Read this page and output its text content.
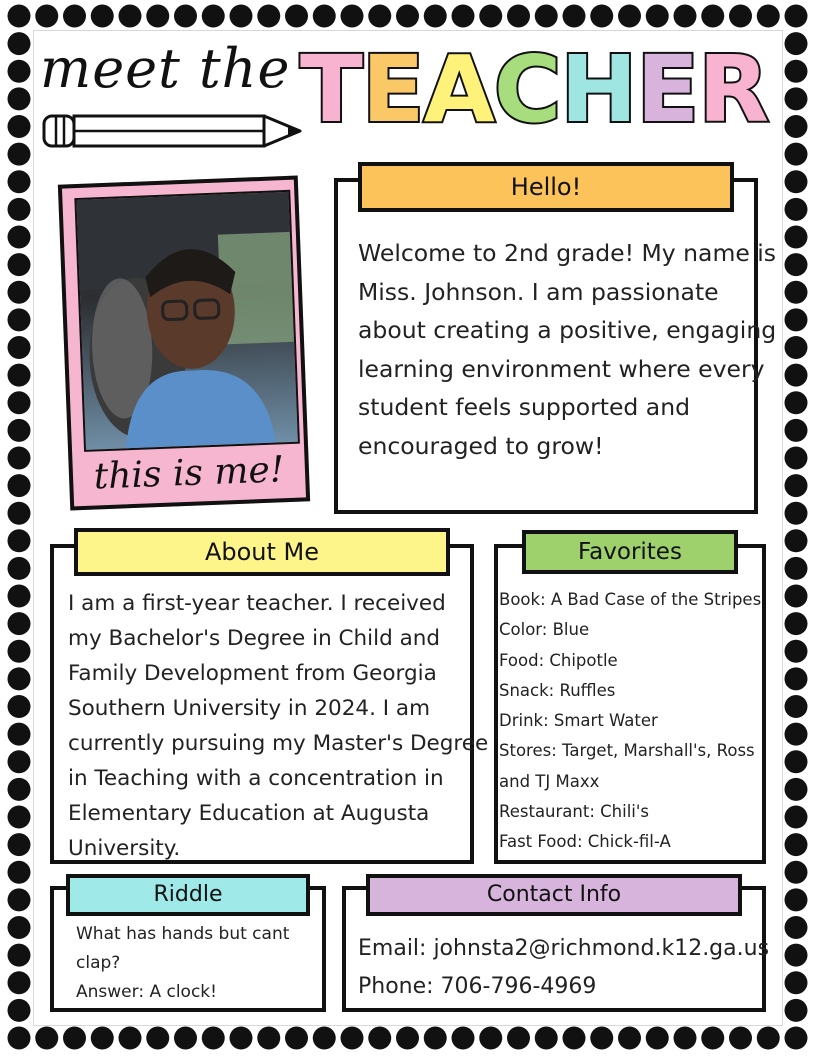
meet the T E A C H E R
this is me!
Hello!
Welcome to 2nd grade! My name is
Miss. Johnson. I am passionate
about creating a positive, engaging
learning environment where every
student feels supported and
encouraged to grow!
About Me
I am a first-year teacher. I received
my Bachelor's Degree in Child and
Family Development from Georgia
Southern University in 2024. I am
currently pursuing my Master's Degree
in Teaching with a concentration in
Elementary Education at Augusta
University.
Favorites
Book: A Bad Case of the Stripes
Color: Blue
Food: Chipotle
Snack: Ruffles
Drink: Smart Water
Stores: Target, Marshall's, Ross
and TJ Maxx
Restaurant: Chili's
Fast Food: Chick-fil-A
Riddle
What has hands but cant
clap?
Answer: A clock!
Contact Info
Email: johnsta2@richmond.k12.ga.us
Phone: 706-796-4969
